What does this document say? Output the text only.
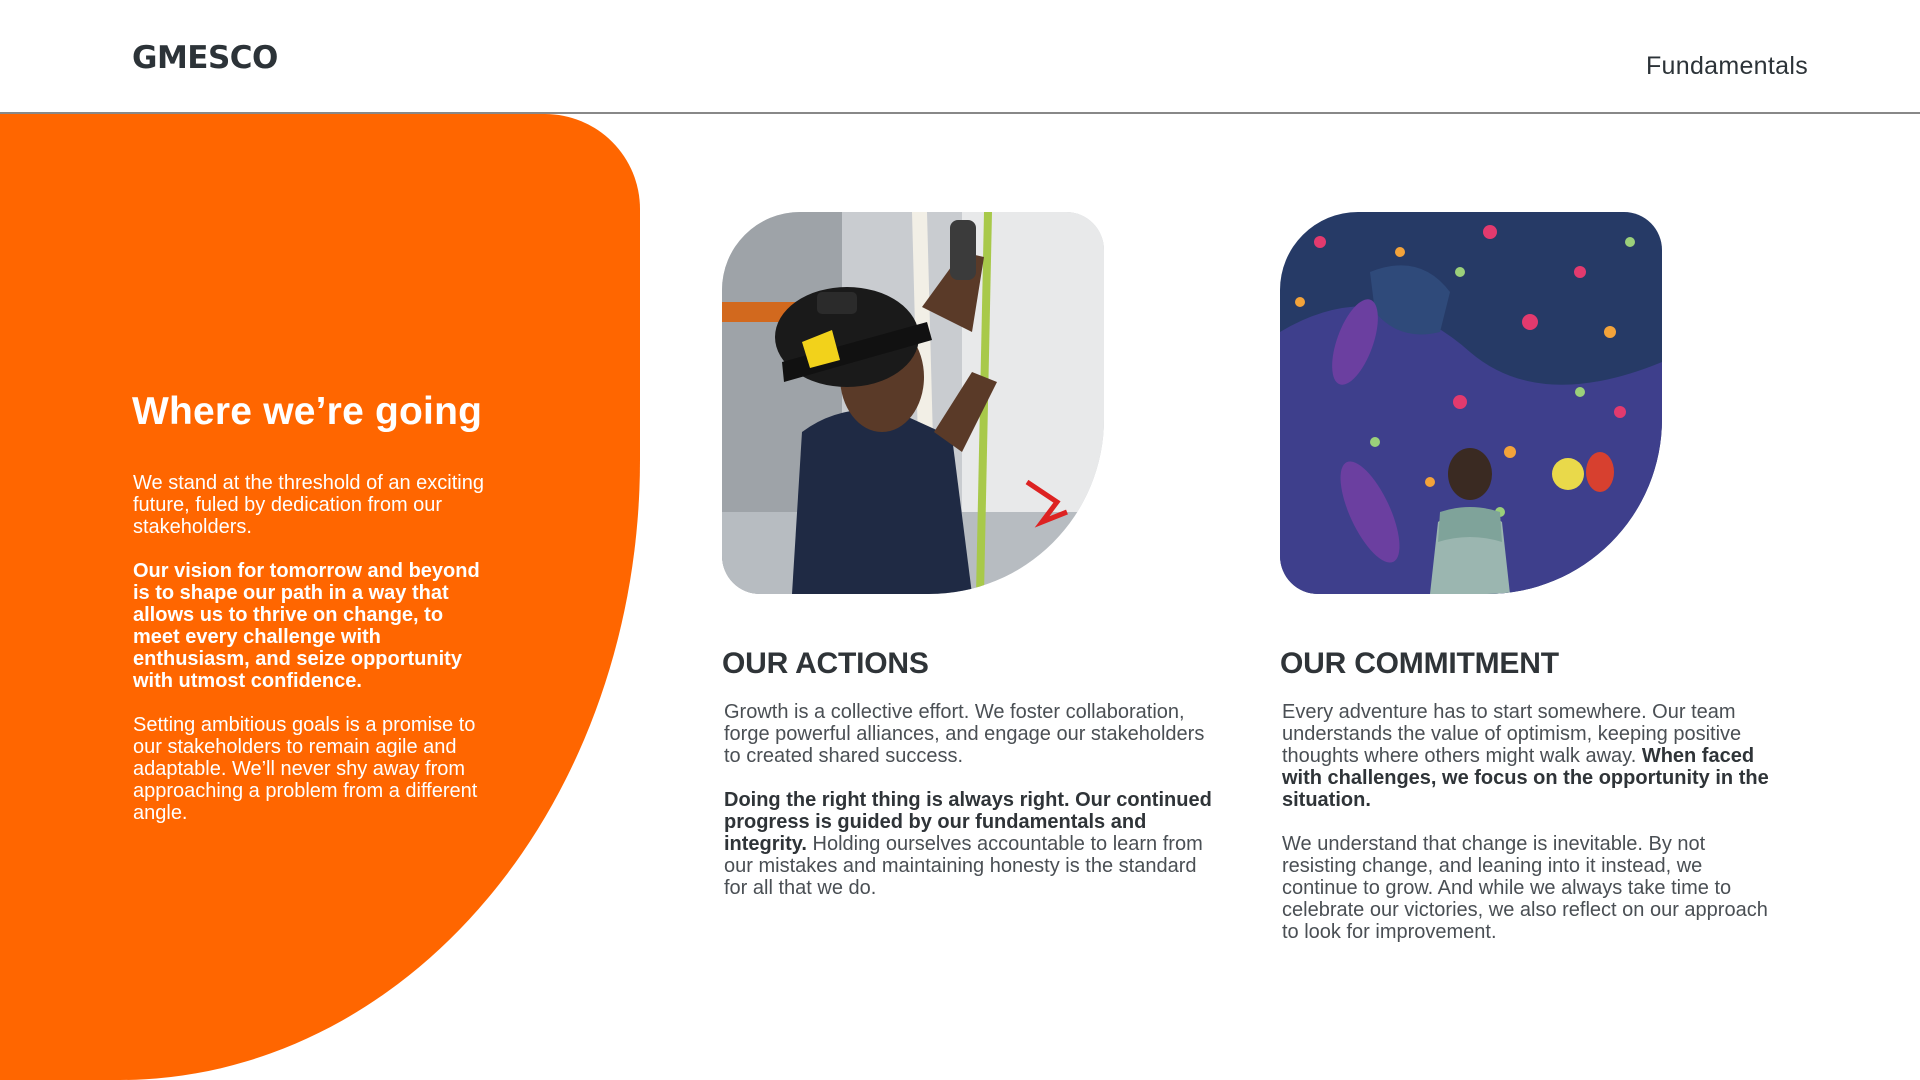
GMESCO	Fundamentals
Where we’re going
We stand at the threshold of an exciting future, fuled by dedication from our stakeholders.
Our vision for tomorrow and beyond is to shape our path in a way that allows us to thrive on change, to meet every challenge with enthusiasm, and seize opportunity with utmost confidence.
Setting ambitious goals is a promise to our stakeholders to remain agile and adaptable. We’ll never shy away from approaching a problem from a different angle.
OUR ACTIONS
Growth is a collective effort. We foster collaboration, forge powerful alliances, and engage our stakeholders to created shared success.
Doing the right thing is always right. Our continued progress is guided by our fundamentals and integrity. Holding ourselves accountable to learn from our mistakes and maintaining honesty is the standard for all that we do.
OUR COMMITMENT
Every adventure has to start somewhere. Our team understands the value of optimism, keeping positive thoughts where others might walk away. When faced with challenges, we focus on the opportunity in the situation.
We understand that change is inevitable. By not resisting change, and leaning into it instead, we continue to grow. And while we always take time to celebrate our victories, we also reflect on our approach to look for improvement.
